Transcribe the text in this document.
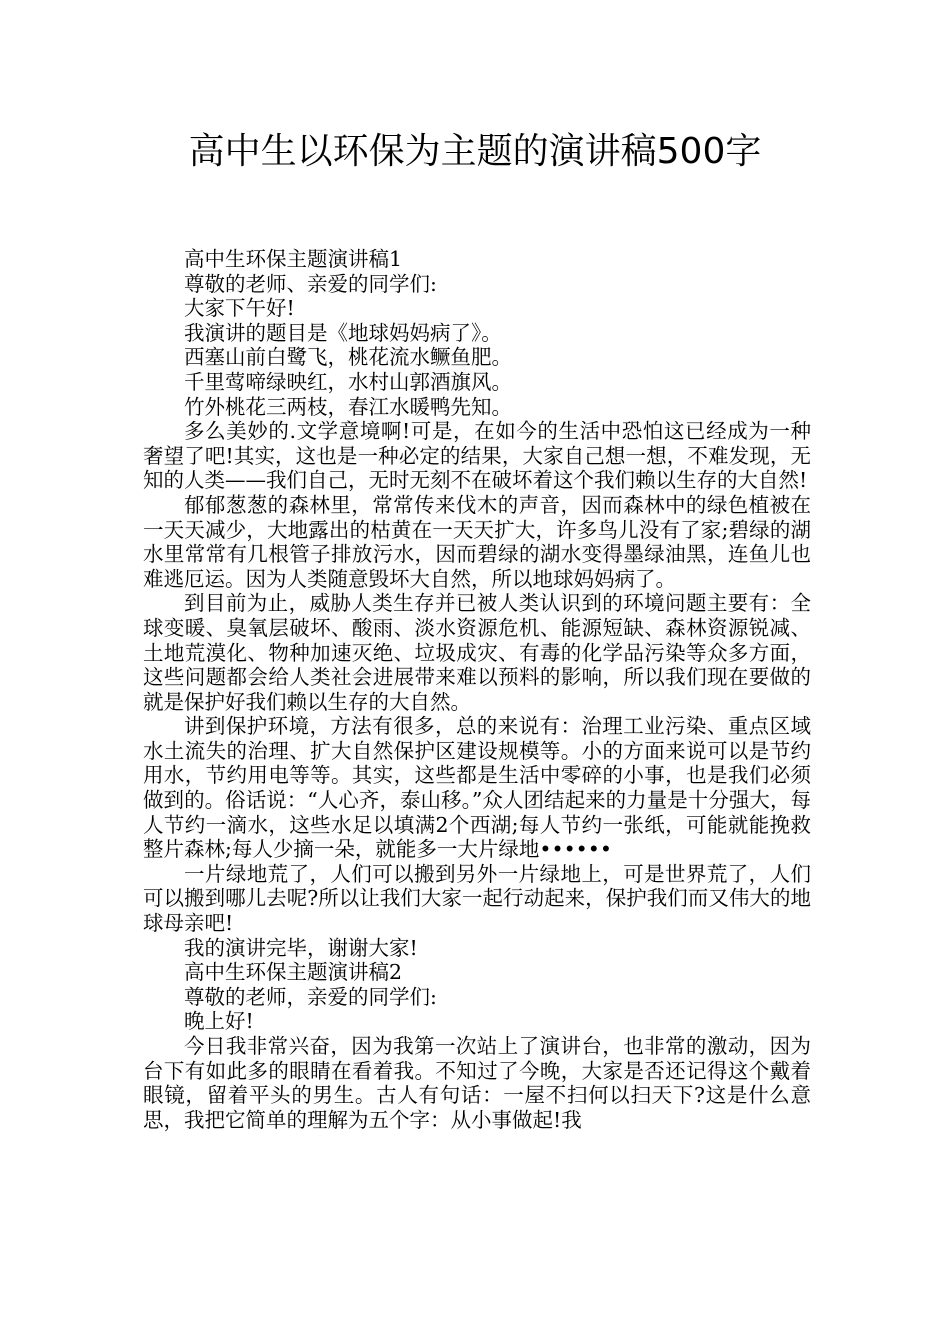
高中生以环保为主题的演讲稿500字

高中生环保主题演讲稿1

尊敬的老师、亲爱的同学们:

大家下午好!

我演讲的题目是《地球妈妈病了》。

西塞山前白鹭飞，桃花流水鳜鱼肥。

千里莺啼绿映红，水村山郭酒旗风。

竹外桃花三两枝，春江水暖鸭先知。

多么美妙的.文学意境啊!可是，在如今的生活中恐怕这已经成为一种奢望了吧!其实，这也是一种必定的结果，大家自己想一想，不难发现，无知的人类——我们自己，无时无刻不在破坏着这个我们赖以生存的大自然!

郁郁葱葱的森林里，常常传来伐木的声音，因而森林中的绿色植被在一天天减少，大地露出的枯黄在一天天扩大，许多鸟儿没有了家;碧绿的湖水里常常有几根管子排放污水，因而碧绿的湖水变得墨绿油黑，连鱼儿也难逃厄运。因为人类随意毁坏大自然，所以地球妈妈病了。

到目前为止，威胁人类生存并已被人类认识到的环境问题主要有：全球变暖、臭氧层破坏、酸雨、淡水资源危机、能源短缺、森林资源锐减、土地荒漠化、物种加速灭绝、垃圾成灾、有毒的化学品污染等众多方面，这些问题都会给人类社会进展带来难以预料的影响，所以我们现在要做的就是保护好我们赖以生存的大自然。

讲到保护环境，方法有很多，总的来说有：治理工业污染、重点区域水土流失的治理、扩大自然保护区建设规模等。小的方面来说可以是节约用水，节约用电等等。其实，这些都是生活中零碎的小事，也是我们必须做到的。俗话说：“人心齐，泰山移。”众人团结起来的力量是十分强大，每人节约一滴水，这些水足以填满2个西湖;每人节约一张纸，可能就能挽救整片森林;每人少摘一朵，就能多一大片绿地••••••

一片绿地荒了，人们可以搬到另外一片绿地上，可是世界荒了，人们可以搬到哪儿去呢?所以让我们大家一起行动起来，保护我们而又伟大的地球母亲吧!

我的演讲完毕，谢谢大家!

高中生环保主题演讲稿2

尊敬的老师，亲爱的同学们:

晚上好!

今日我非常兴奋，因为我第一次站上了演讲台，也非常的激动，因为台下有如此多的眼睛在看着我。不知过了今晚，大家是否还记得这个戴着眼镜，留着平头的男生。古人有句话：一屋不扫何以扫天下?这是什么意思，我把它简单的理解为五个字：从小事做起!我
